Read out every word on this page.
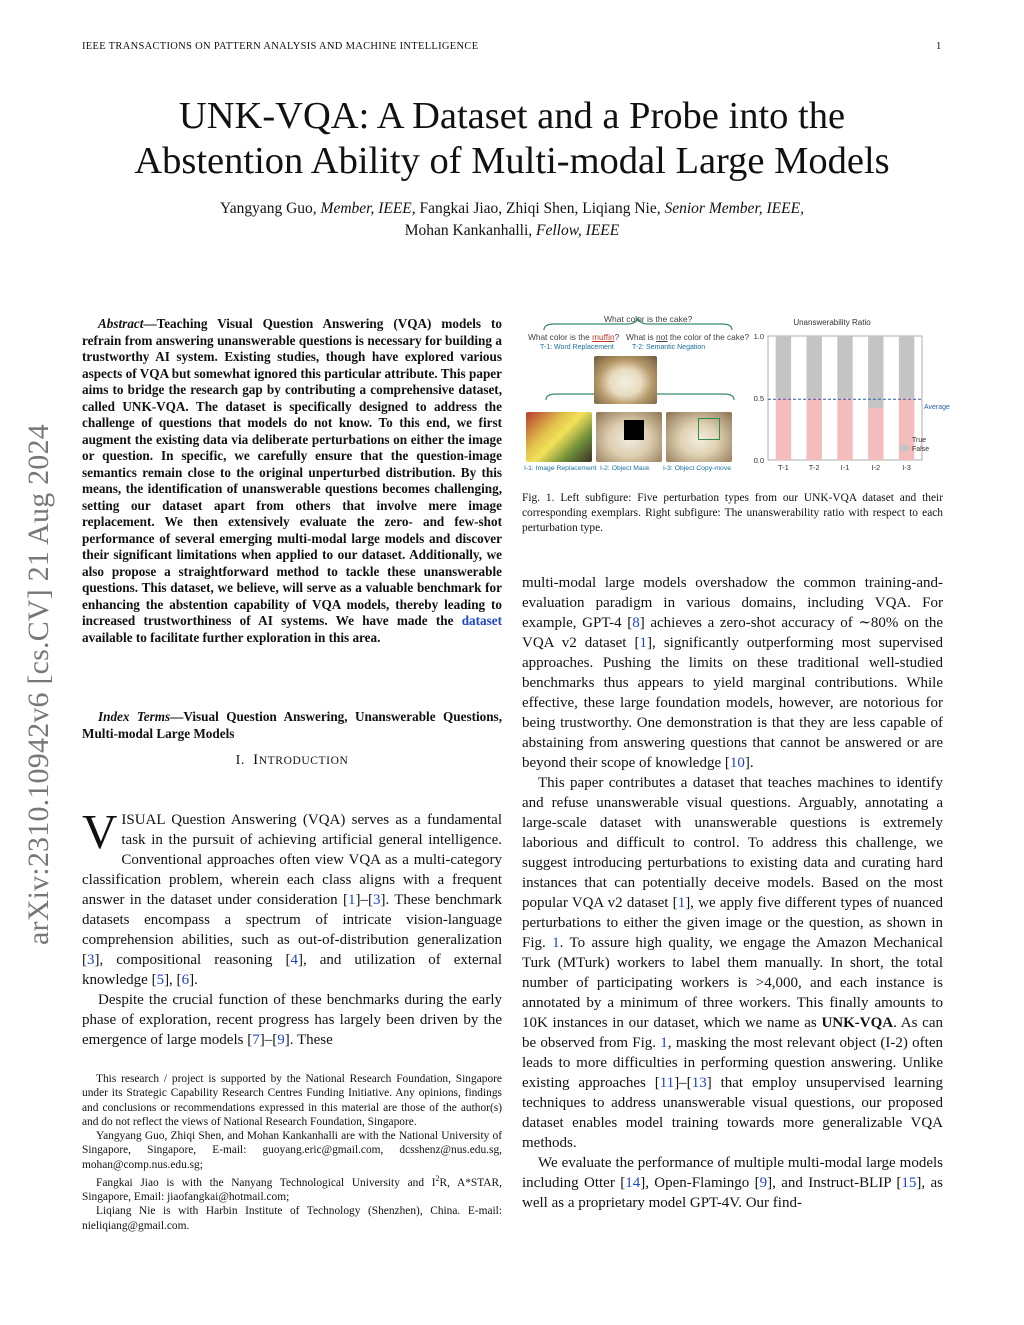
IEEE TRANSACTIONS ON PATTERN ANALYSIS AND MACHINE INTELLIGENCE	1
arXiv:2310.10942v6 [cs.CV] 21 Aug 2024
UNK-VQA: A Dataset and a Probe into the
Abstention Ability of Multi-modal Large Models
Yangyang Guo, Member, IEEE, Fangkai Jiao, Zhiqi Shen, Liqiang Nie, Senior Member, IEEE,
Mohan Kankanhalli, Fellow, IEEE
Abstract—Teaching Visual Question Answering (VQA) models to refrain from answering unanswerable questions is necessary for building a trustworthy AI system. Existing studies, though have explored various aspects of VQA but somewhat ignored this particular attribute. This paper aims to bridge the research gap by contributing a comprehensive dataset, called UNK-VQA. The dataset is specifically designed to address the challenge of questions that models do not know. To this end, we first augment the existing data via deliberate perturbations on either the image or question. In specific, we carefully ensure that the question-image semantics remain close to the original unperturbed distribution. By this means, the identification of unanswerable questions becomes challenging, setting our dataset apart from others that involve mere image replacement. We then extensively evaluate the zero- and few-shot performance of several emerging multi-modal large models and discover their significant limitations when applied to our dataset. Additionally, we also propose a straightforward method to tackle these unanswerable questions. This dataset, we believe, will serve as a valuable benchmark for enhancing the abstention capability of VQA models, thereby leading to increased trustworthiness of AI systems. We have made the dataset available to facilitate further exploration in this area.
Index Terms—Visual Question Answering, Unanswerable Questions, Multi-modal Large Models
I. INTRODUCTION

VISUAL Question Answering (VQA) serves as a fundamental task in the pursuit of achieving artificial general intelligence. Conventional approaches often view VQA as a multi-category classification problem, wherein each class aligns with a frequent answer in the dataset under consideration [1]–[3]. These benchmark datasets encompass a spectrum of intricate vision-language comprehension abilities, such as out-of-distribution generalization [3], compositional reasoning [4], and utilization of external knowledge [5], [6].

Despite the crucial function of these benchmarks during the early phase of exploration, recent progress has largely been driven by the emergence of large models [7]–[9]. These

This research / project is supported by the National Research Foundation, Singapore under its Strategic Capability Research Centres Funding Initiative. Any opinions, findings and conclusions or recommendations expressed in this material are those of the author(s) and do not reflect the views of National Research Foundation, Singapore.

Yangyang Guo, Zhiqi Shen, and Mohan Kankanhalli are with the National University of Singapore, Singapore, E-mail: guoyang.eric@gmail.com, dcsshenz@nus.edu.sg, mohan@comp.nus.edu.sg;

Fangkai Jiao is with the Nanyang Technological University and $I^2R$, A*STAR, Singapore, Email: jiaofangkai@hotmail.com;

Liqiang Nie is with Harbin Institute of Technology (Shenzhen), China. E-mail: nieliqiang@gmail.com.

What color is the cake?
What color is the muffin? What is not the color of the cake?
T-1: Word Replacement	T-2: Semantic Negation
I-1: Image Replacement I-2: Object Mask I-3: Object Copy-move
Unanswerability Ratio
0.0
0.5
1.0
T-1	T-2	I-1	I-2	I-3
Average
True
False
Fig. 1. Left subfigure: Five perturbation types from our UNK-VQA dataset and their corresponding exemplars. Right subfigure: The unanswerability ratio with respect to each perturbation type.

multi-modal large models overshadow the common training-and-evaluation paradigm in various domains, including VQA. For example, GPT-4 [8] achieves a zero-shot accuracy of ∼80% on the VQA v2 dataset [1], significantly outperforming most supervised approaches. Pushing the limits on these traditional well-studied benchmarks thus appears to yield marginal contributions. While effective, these large foundation models, however, are notorious for being trustworthy. One demonstration is that they are less capable of abstaining from answering questions that cannot be answered or are beyond their scope of knowledge [10].

This paper contributes a dataset that teaches machines to identify and refuse unanswerable visual questions. Arguably, annotating a large-scale dataset with unanswerable questions is extremely laborious and difficult to control. To address this challenge, we suggest introducing perturbations to existing data and curating hard instances that can potentially deceive models. Based on the most popular VQA v2 dataset [1], we apply five different types of nuanced perturbations to either the given image or the question, as shown in Fig. 1. To assure high quality, we engage the Amazon Mechanical Turk (MTurk) workers to label them manually. In short, the total number of participating workers is >4,000, and each instance is annotated by a minimum of three workers. This finally amounts to 10K instances in our dataset, which we name as UNK-VQA. As can be observed from Fig. 1, masking the most relevant object (I-2) often leads to more difficulties in performing question answering. Unlike existing approaches [11]–[13] that employ unsupervised learning techniques to address unanswerable visual questions, our proposed dataset enables model training towards more generalizable VQA methods.

We evaluate the performance of multiple multi-modal large models including Otter [14], Open-Flamingo [9], and Instruct-BLIP [15], as well as a proprietary model GPT-4V. Our find-
